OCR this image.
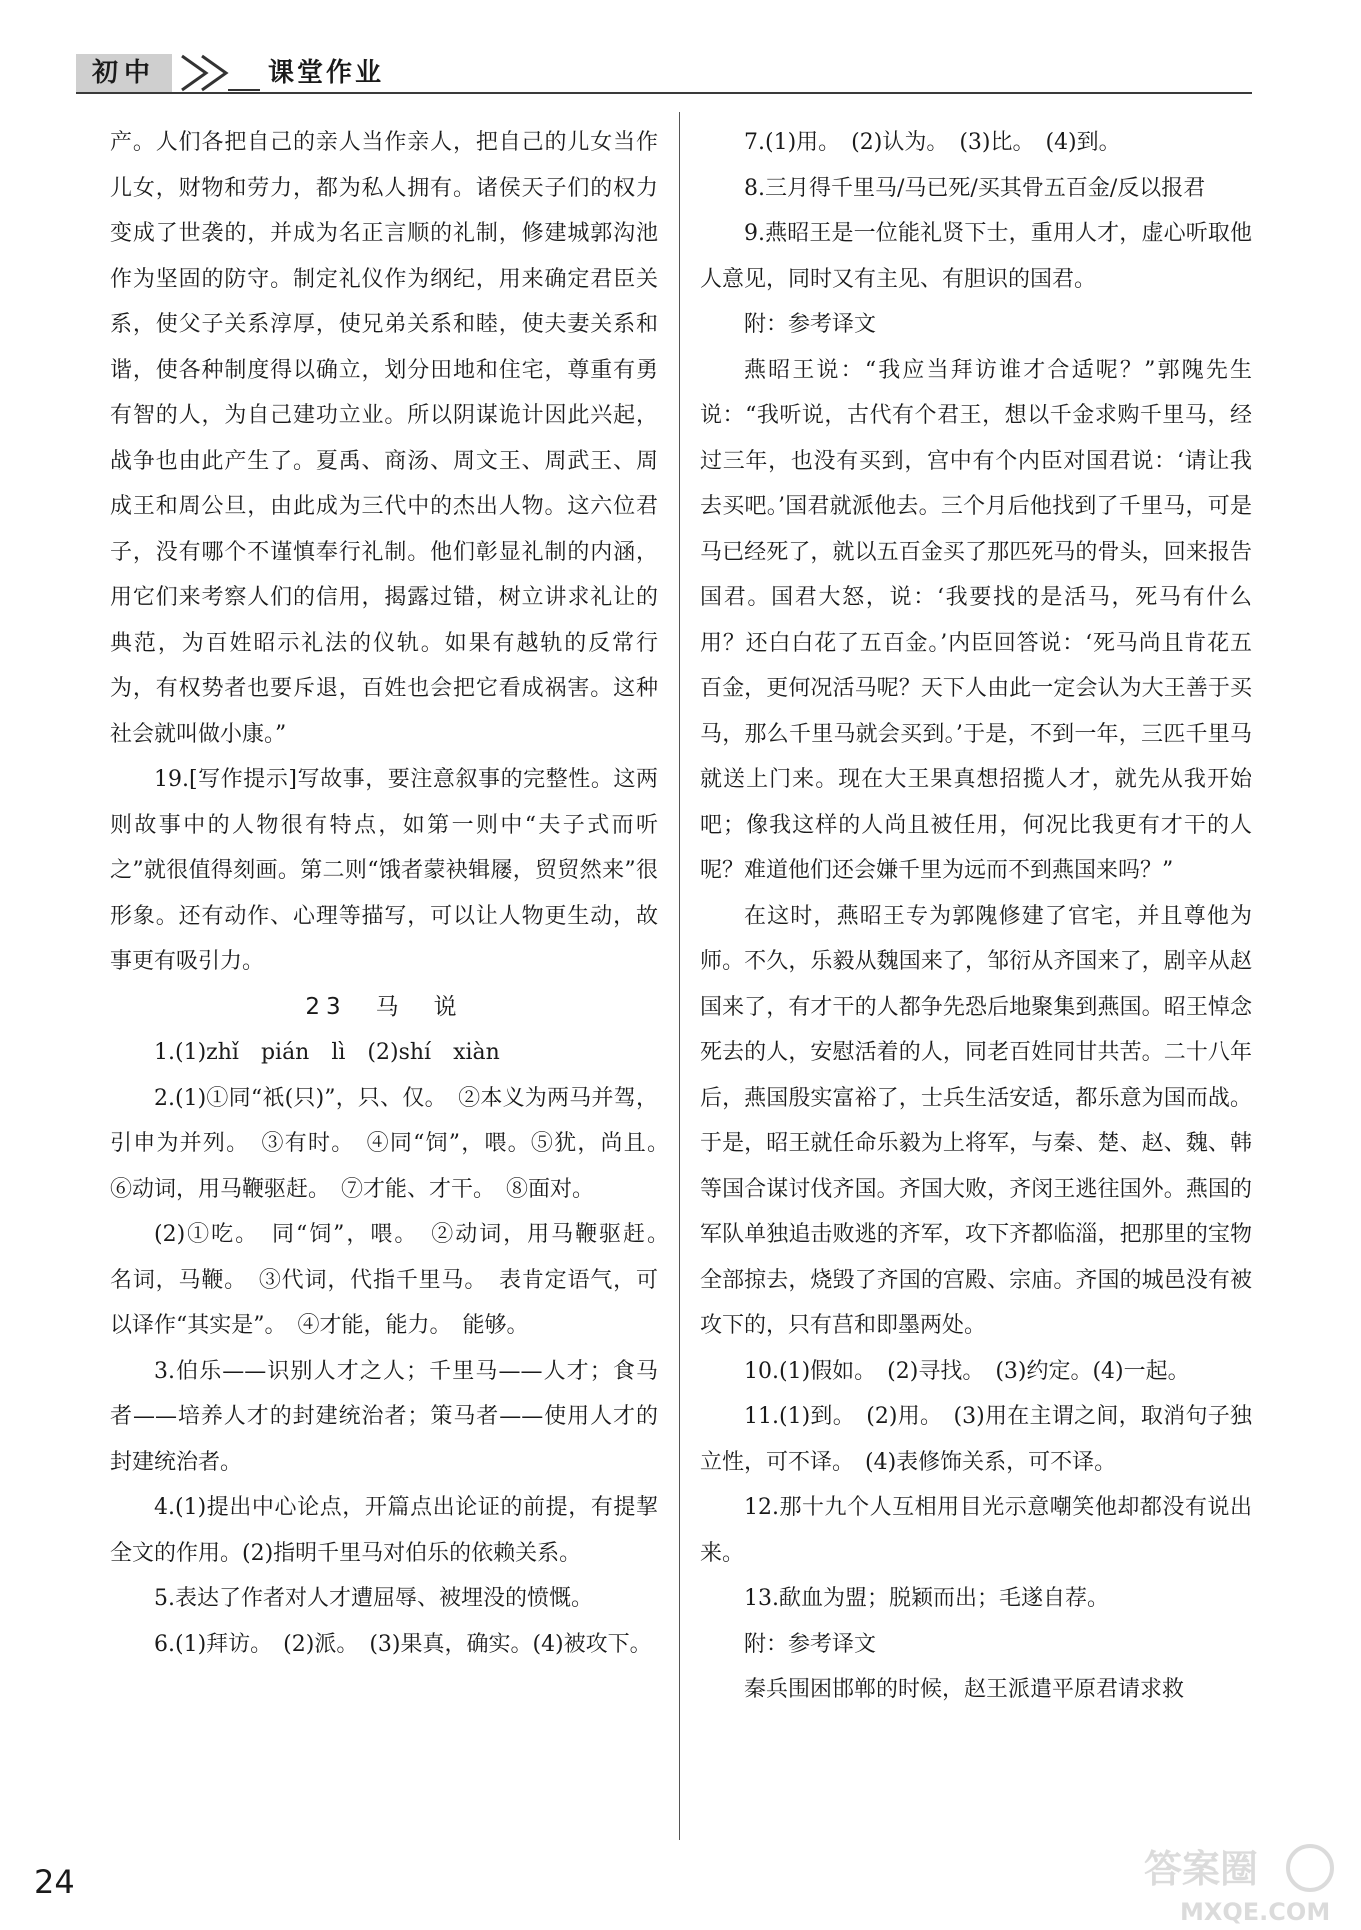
初中	课堂作业

产。人们各把自己的亲人当作亲人，把自己的儿女当作儿女，财物和劳力，都为私人拥有。诸侯天子们的权力变成了世袭的，并成为名正言顺的礼制，修建城郭沟池作为坚固的防守。制定礼仪作为纲纪，用来确定君臣关系，使父子关系淳厚，使兄弟关系和睦，使夫妻关系和谐，使各种制度得以确立，划分田地和住宅，尊重有勇有智的人，为自己建功立业。所以阴谋诡计因此兴起，战争也由此产生了。夏禹、商汤、周文王、周武王、周成王和周公旦，由此成为三代中的杰出人物。这六位君子，没有哪个不谨慎奉行礼制。他们彰显礼制的内涵，用它们来考察人们的信用，揭露过错，树立讲求礼让的典范，为百姓昭示礼法的仪轨。如果有越轨的反常行为，有权势者也要斥退，百姓也会把它看成祸害。这种社会就叫做小康。”

19.[写作提示]写故事，要注意叙事的完整性。这两则故事中的人物很有特点，如第一则中“夫子式而听之”就很值得刻画。第二则“饿者蒙袂辑屦，贸贸然来”很形象。还有动作、心理等描写，可以让人物更生动，故事更有吸引力。

23　马　说

1.(1)zhǐ　pián　lì　(2)shí　xiàn

2.(1)①同“祇(只)”，只、仅。　②本义为两马并驾，引申为并列。　③有时。　④同“饲”，喂。⑤犹，尚且。　⑥动词，用马鞭驱赶。　⑦才能、才干。　⑧面对。

(2)①吃。　同“饲”，喂。　②动词，用马鞭驱赶。　名词，马鞭。　③代词，代指千里马。　表肯定语气，可以译作“其实是”。　④才能，能力。　能够。

3.伯乐——识别人才之人；千里马——人才；食马者——培养人才的封建统治者；策马者——使用人才的封建统治者。

4.(1)提出中心论点，开篇点出论证的前提，有提挈全文的作用。(2)指明千里马对伯乐的依赖关系。

5.表达了作者对人才遭屈辱、被埋没的愤慨。

6.(1)拜访。　(2)派。　(3)果真，确实。(4)被攻下。

7.(1)用。　(2)认为。　(3)比。　(4)到。

8.三月得千里马/马已死/买其骨五百金/反以报君

9.燕昭王是一位能礼贤下士，重用人才，虚心听取他人意见，同时又有主见、有胆识的国君。

附：参考译文

燕昭王说：“我应当拜访谁才合适呢？”郭隗先生说：“我听说，古代有个君王，想以千金求购千里马，经过三年，也没有买到，宫中有个内臣对国君说：‘请让我去买吧。’国君就派他去。三个月后他找到了千里马，可是马已经死了，就以五百金买了那匹死马的骨头，回来报告国君。国君大怒，说：‘我要找的是活马，死马有什么用？还白白花了五百金。’内臣回答说：‘死马尚且肯花五百金，更何况活马呢？天下人由此一定会认为大王善于买马，那么千里马就会买到。’于是，不到一年，三匹千里马就送上门来。现在大王果真想招揽人才，就先从我开始吧；像我这样的人尚且被任用，何况比我更有才干的人呢？难道他们还会嫌千里为远而不到燕国来吗？”

在这时，燕昭王专为郭隗修建了官宅，并且尊他为师。不久，乐毅从魏国来了，邹衍从齐国来了，剧辛从赵国来了，有才干的人都争先恐后地聚集到燕国。昭王悼念死去的人，安慰活着的人，同老百姓同甘共苦。二十八年后，燕国殷实富裕了，士兵生活安适，都乐意为国而战。于是，昭王就任命乐毅为上将军，与秦、楚、赵、魏、韩等国合谋讨伐齐国。齐国大败，齐闵王逃往国外。燕国的军队单独追击败逃的齐军，攻下齐都临淄，把那里的宝物全部掠去，烧毁了齐国的宫殿、宗庙。齐国的城邑没有被攻下的，只有莒和即墨两处。

10.(1)假如。　(2)寻找。　(3)约定。(4)一起。

11.(1)到。　(2)用。　(3)用在主谓之间，取消句子独立性，可不译。　(4)表修饰关系，可不译。

12.那十九个人互相用目光示意嘲笑他却都没有说出来。

13.歃血为盟；脱颖而出；毛遂自荐。

附：参考译文

秦兵围困邯郸的时候，赵王派遣平原君请求救

24	答案圈
MXQE.COM
